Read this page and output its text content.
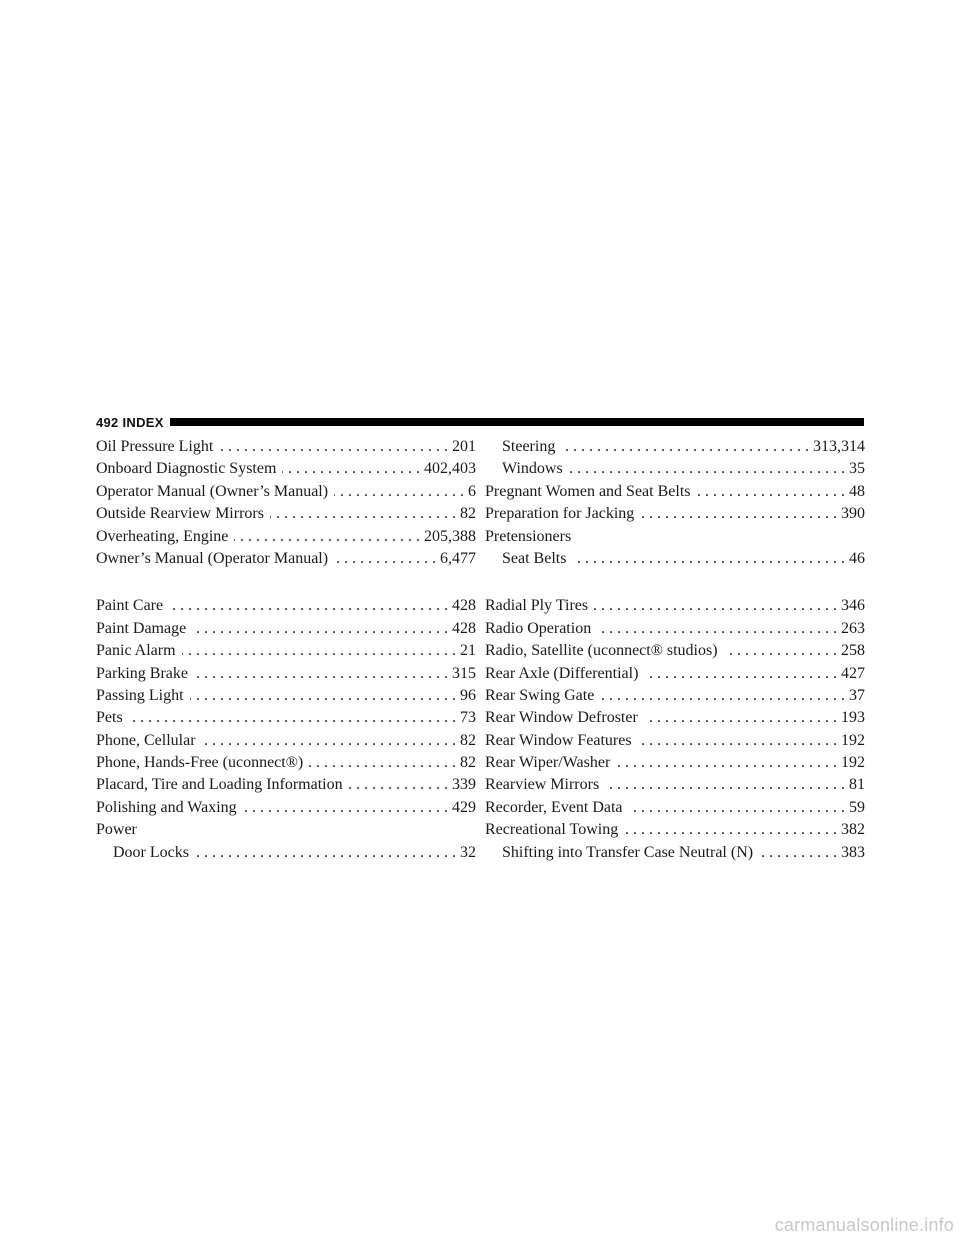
492 INDEX
Oil Pressure Light . . .	201
Onboard Diagnostic System . . .	402,403
Operator Manual (Owner’s Manual) . . .	6
Outside Rearview Mirrors . . .	82
Overheating, Engine . . .	205,388
Owner’s Manual (Operator Manual) . . .	6,477
Paint Care . . .	428
Paint Damage . . .	428
Panic Alarm . . .	21
Parking Brake . . .	315
Passing Light . . .	96
Pets . . .	73
Phone, Cellular . . .	82
Phone, Hands-Free (uconnect®) . . .	82
Placard, Tire and Loading Information . . .	339
Polishing and Waxing . . .	429
Power
Door Locks . . .	32
Steering . . .	313,314
Windows . . .	35
Pregnant Women and Seat Belts . . .	48
Preparation for Jacking . . .	390
Pretensioners
Seat Belts . . .	46
Radial Ply Tires . . .	346
Radio Operation . . .	263
Radio, Satellite (uconnect® studios) . . .	258
Rear Axle (Differential) . . .	427
Rear Swing Gate . . .	37
Rear Window Defroster . . .	193
Rear Window Features . . .	192
Rear Wiper/Washer . . .	192
Rearview Mirrors . . .	81
Recorder, Event Data . . .	59
Recreational Towing . . .	382
Shifting into Transfer Case Neutral (N) . . .	383
carmanualsonline.info
